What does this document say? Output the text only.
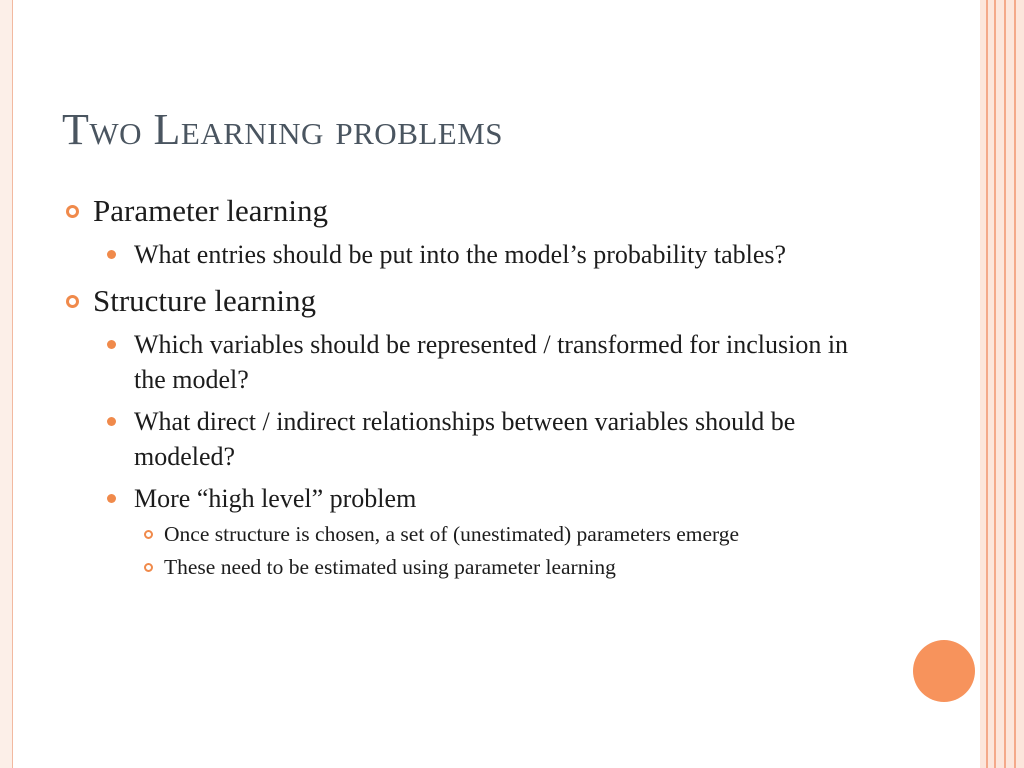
Two Learning problems
Parameter learning
What entries should be put into the model’s probability tables?
Structure learning
Which variables should be represented / transformed for inclusion in the model?
What direct / indirect relationships between variables should be modeled?
More “high level” problem
Once structure is chosen, a set of (unestimated) parameters emerge
These need to be estimated using parameter learning
